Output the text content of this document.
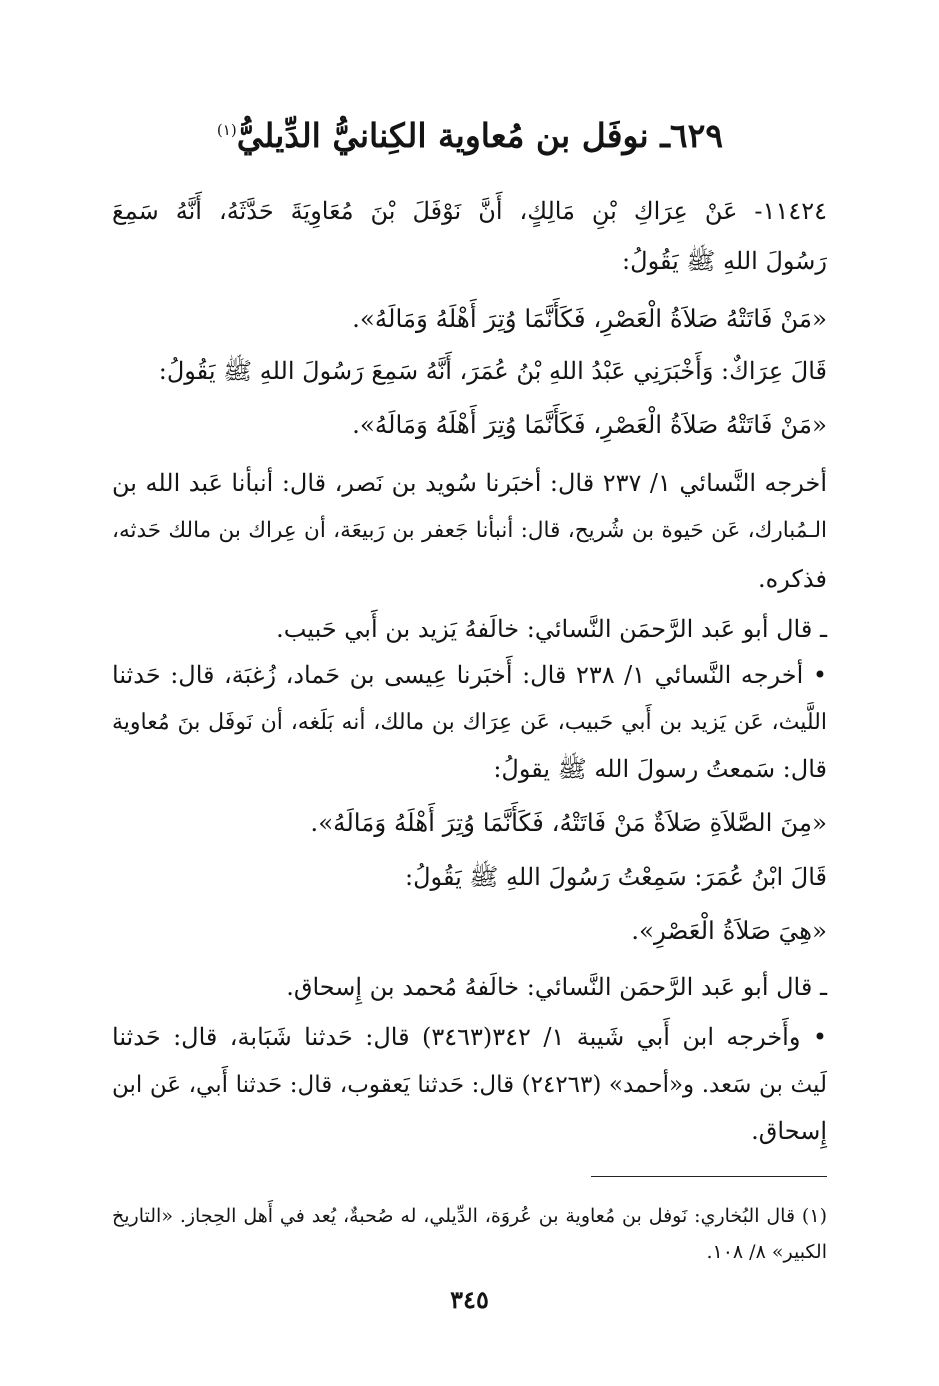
٦٢٩ـ نوفَل بن مُعاوية الكِنانيُّ الدِّيليُّ$^{(١)}$
١١٤٢٤- عَنْ عِرَاكِ بْنِ مَالِكٍ، أَنَّ نَوْفَلَ بْنَ مُعَاوِيَةَ حَدَّثَهُ، أَنَّهُ سَمِعَ
رَسُولَ اللهِ ﷺ يَقُولُ:
«مَنْ فَاتَتْهُ صَلاَةُ الْعَصْرِ، فَكَأَنَّمَا وُتِرَ أَهْلَهُ وَمَالَهُ».
قَالَ عِرَاكٌ: وَأَخْبَرَنِي عَبْدُ اللهِ بْنُ عُمَرَ، أَنَّهُ سَمِعَ رَسُولَ اللهِ ﷺ يَقُولُ:
«مَنْ فَاتَتْهُ صَلاَةُ الْعَصْرِ، فَكَأَنَّمَا وُتِرَ أَهْلَهُ وَمَالَهُ».
أخرجه النَّسائي ١/ ٢٣٧ قال: أخبَرنا سُويد بن نَصر، قال: أنبأنا عَبد الله بن
الـمُبارك، عَن حَيوة بن شُريح، قال: أنبأنا جَعفر بن رَبيعَة، أن عِراك بن مالك حَدثه،
فذكره.
ـ قال أبو عَبد الرَّحمَن النَّسائي: خالَفهُ يَزيد بن أَبي حَبيب.
• أخرجه النَّسائي ١/ ٢٣٨ قال: أَخبَرنا عِيسى بن حَماد، زُغبَة، قال: حَدثنا
اللَّيث، عَن يَزيد بن أَبي حَبيب، عَن عِرَاك بن مالك، أنه بَلَغه، أن نَوفَل بنَ مُعاوية
قال: سَمعتُ رسولَ الله ﷺ يقولُ:
«مِنَ الصَّلاَةِ صَلاَةٌ مَنْ فَاتَتْهُ، فَكَأَنَّمَا وُتِرَ أَهْلَهُ وَمَالَهُ».
قَالَ ابْنُ عُمَرَ: سَمِعْتُ رَسُولَ اللهِ ﷺ يَقُولُ:
«هِيَ صَلاَةُ الْعَصْرِ».
ـ قال أبو عَبد الرَّحمَن النَّسائي: خالَفهُ مُحمد بن إِسحاق.
• وأَخرجه ابن أَبي شَيبة ١/ ٣٤٢(٣٤٦٣) قال: حَدثنا شَبَابة، قال: حَدثنا
لَيث بن سَعد. و«أحمد» (٢٤٢٦٣) قال: حَدثنا يَعقوب، قال: حَدثنا أَبي، عَن ابن
إِسحاق.
(١) قال البُخاري: نَوفل بن مُعاوية بن عُروَة، الدِّيلي، له صُحبةٌ، يُعد في أَهل الحِجاز. «التاريخ
الكبير» ٨/ ١٠٨.
٣٤٥
